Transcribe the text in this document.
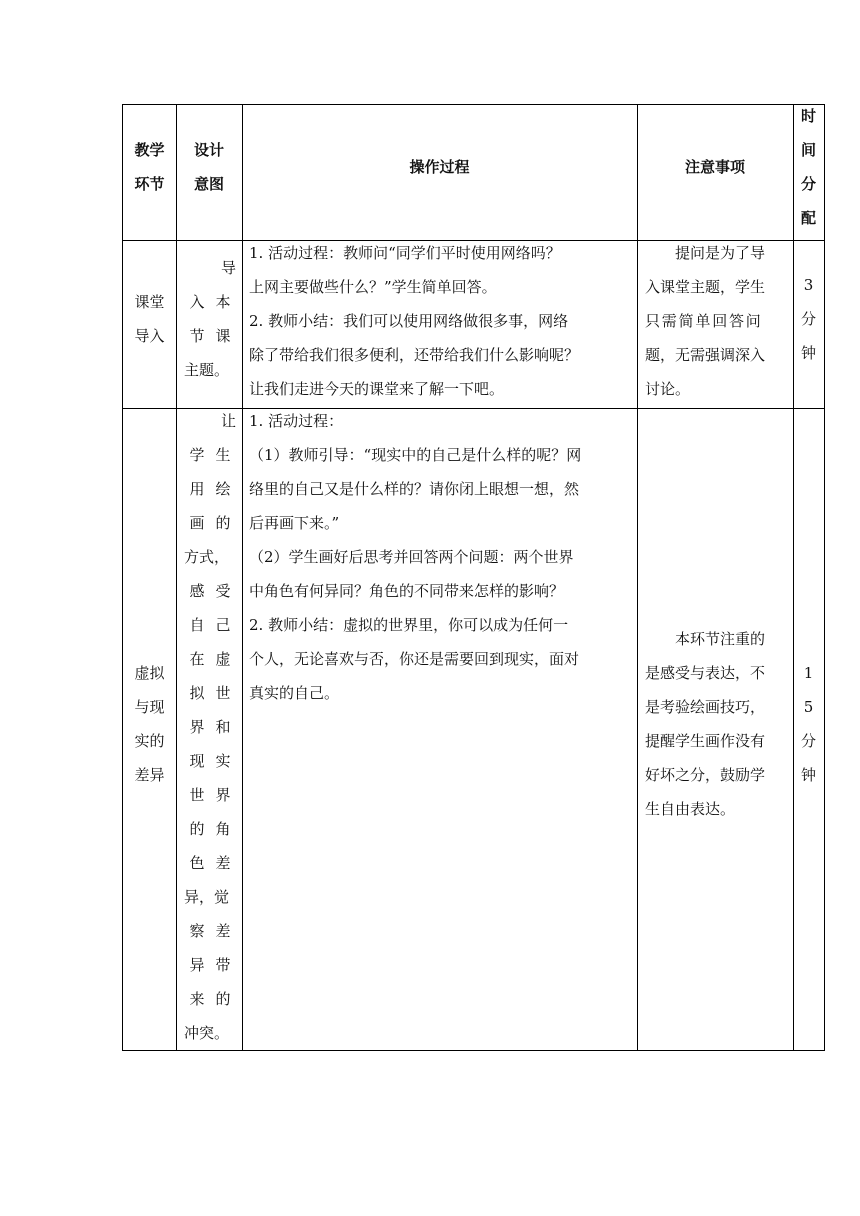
教学
环节
设计
意图
操作过程	注意事项
时
间
分
配
课堂
导入
导
入 本
节 课
主题。
1. 活动过程：教师问“同学们平时使用网络吗？
上网主要做些什么？”学生简单回答。
2. 教师小结：我们可以使用网络做很多事，网络
除了带给我们很多便利，还带给我们什么影响呢？
让我们走进今天的课堂来了解一下吧。
提问是为了导
入课堂主题，学生
只需简单回答问
题，无需强调深入
讨论。
3
分
钟
虚拟
与现
实的
差异
让
学 生
用 绘
画 的
方式，
感 受
自 己
在 虚
拟 世
界 和
现 实
世 界
的 角
色 差
异，觉
察 差
异 带
来 的
冲突。
1. 活动过程：
（1）教师引导：“现实中的自己是什么样的呢？网
络里的自己又是什么样的？请你闭上眼想一想，然
后再画下来。”
（2）学生画好后思考并回答两个问题：两个世界
中角色有何异同？角色的不同带来怎样的影响？
2. 教师小结：虚拟的世界里，你可以成为任何一
个人，无论喜欢与否，你还是需要回到现实，面对
真实的自己。
本环节注重的
是感受与表达，不
是考验绘画技巧，
提醒学生画作没有
好坏之分，鼓励学
生自由表达。
1
5
分
钟
